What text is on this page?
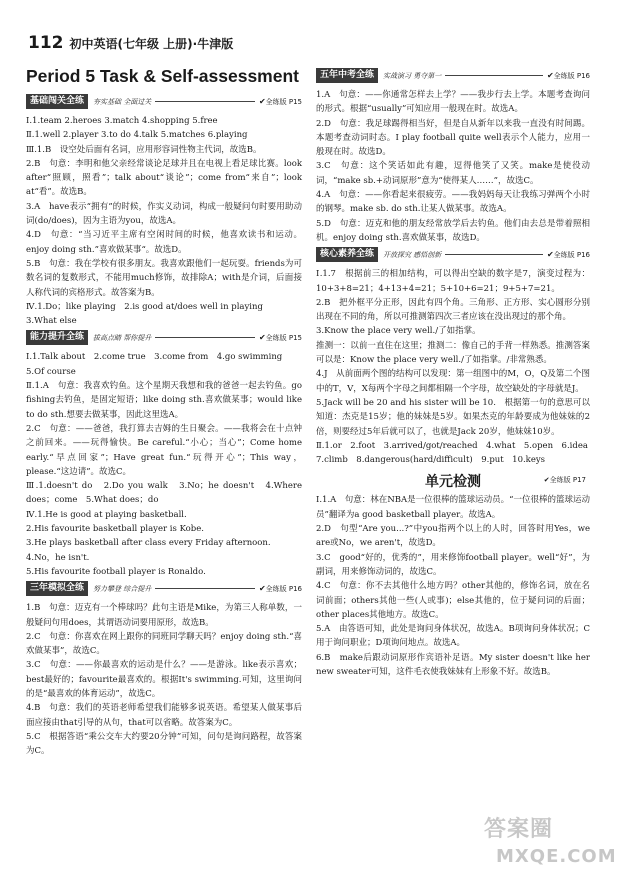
112 初中英语(七年级 上册)·牛津版
Period 5 Task & Self-assessment
基础闯关全练	夯实基础 全面过关	✔全练版 P15

Ⅰ.1.team 2.heroes 3.match 4.shopping 5.free

Ⅱ.1.well 2.player 3.to do 4.talk 5.matches 6.playing

Ⅲ.1.B　设空处后面有名词，应用形容词性物主代词，故选B。

2.B　句意：李明和他父亲经常谈论足球并且在电视上看足球比赛。look after“照顾，照看”；talk about“谈论”；come from“来自”；look at“看”。故选B。

3.A　have表示“拥有”的时候，作实义动词，构成一般疑问句时要用助动词(do/does)，因为主语为you，故选A。

4.D　句意：“当习近平主席有空闲时间的时候，他喜欢读书和运动。enjoy doing sth.”喜欢做某事“。故选D。

5.B　句意：我在学校有很多朋友。我喜欢跟他们一起玩耍。friends为可数名词的复数形式，不能用much修饰，故排除A；with是介词，后面接人称代词的宾格形式。故答案为B。

Ⅳ.1.Do；like playing　2.is good at/does well in playing

3.What else

能力提升全练	拔高点睛 帮你提升	✔全练版 P15

Ⅰ.1.Talk about　2.come true　3.come from　4.go swimming

5.Of course

Ⅱ.1.A　句意：我喜欢钓鱼。这个星期天我想和我的爸爸一起去钓鱼。go fishing去钓鱼，是固定短语；like doing sth.喜欢做某事；would like to do sth.想要去做某事，因此这里选A。

2.C　句意：——爸爸，我打算去吉姆的生日聚会。——我将会在十点钟之前回来。——玩得愉快。Be careful.“小心；当心”；Come home early.“早点回家”；Have great fun.“玩得开心”；This way，please.“这边请”。故选C。

Ⅲ.1.doesn't do　2.Do you walk　3.No；he doesn't　4.Where does；come　5.What does；do

Ⅳ.1.He is good at playing basketball.

2.His favourite basketball player is Kobe.

3.He plays basketball after class every Friday afternoon.

4.No，he isn't.

5.His favourite football player is Ronaldo.

三年模拟全练	努力攀登 综合提升	✔全练版 P16

1.B　句意：迈克有一个棒球吗？此句主语是Mike，为第三人称单数，一般疑问句用does，其谓语动词要用原形，故选B。

2.C　句意：你喜欢在网上跟你的同班同学聊天吗？enjoy doing sth.“喜欢做某事”，故选C。

3.C　句意：——你最喜欢的运动是什么？——是游泳。like表示喜欢；best最好的；favourite最喜欢的。根据It's swimming.可知，这里询问的是“最喜欢的体育运动”，故选C。

4.B　句意：我们的英语老师希望我们能够多说英语。希望某人做某事后面应接由that引导的从句，that可以省略。故答案为C。

5.C　根据答语“乘公交车大约要20分钟”可知，问句是询问路程，故答案为C。

五年中考全练	实战演习 勇夺第一	✔全练版 P16

1.A　句意：——你通常怎样去上学？——我步行去上学。本题考查询问的形式。根据“usually”可知应用一般现在时。故选A。

2.D　句意：我足球踢得相当好，但是自从新年以来我一直没有时间踢。本题考查动词时态。I play football quite well表示个人能力，应用一般现在时。故选D。

3.C　句意：这个笑话如此有趣，逗得他笑了又笑。make是使役动词，“make sb.+动词原形”意为“使得某人……”，故选C。

4.A　句意：——你看起来很疲劳。——我妈妈每天让我练习弹两个小时的钢琴。make sb. do sth.让某人做某事。故选A。

5.D　句意：迈克和他的朋友经常放学后去钓鱼。他们由去总是带着照相机。enjoy doing sth.喜欢做某事，故选D。

核心素养全练	开放探究 感悟创新	✔全练版 P16

Ⅰ.1.7　根据前三的相加结构，可以得出空缺的数字是7，演变过程为：10+3+8=21；4+13+4=21；5+10+6=21；9+5+7=21。

2.B　把外框平分正形，因此有四个角。三角形、正方形、实心圆形分别出现在不同的角，所以可推测第四次三者应该在没出现过的那个角。

3.Know the place very well./了如指掌。

推测一：以前一直住在这里；推测二：像自己的手背一样熟悉。推测答案可以是：Know the place very well./了如指掌。/非常熟悉。

4.J　从前面两个图的结构可以发现：第一组图中的M，O，Q及第二个图中的T，V，X每两个字母之间都相隔一个字母，故空缺处的字母就是J。

5.Jack will be 20 and his sister will be 10.　根据第一句的意思可以知道：杰克是15岁；他的妹妹是5岁。如果杰克的年龄要成为他妹妹的2倍，则要经过5年后就可以了，也就是Jack 20岁，他妹妹10岁。

Ⅱ.1.or　2.foot　3.arrived/got/reached　4.what　5.open　6.idea

7.climb　8.dangerous(hard/difficult)　9.put　10.keys

单元检测	✔全练版 P17

Ⅰ.1.A　句意：林在NBA是一位很棒的篮球运动员。“一位很棒的篮球运动员”翻译为a good basketball player。故选A。

2.D　句型“Are you...?”中you指两个以上的人时，回答时用Yes，we are或No，we aren't，故选D。

3.C　good“好的，优秀的”，用来修饰football player。well“好”，为副词，用来修饰动词的，故选C。

4.C　句意：你不去其他什么地方吗？other其他的，修饰名词，放在名词前面；others其他一些(人或事)；else其他的，位于疑问词的后面；other places其他地方。故选C。

5.A　由答语可知，此处是询问身体状况，故选A。B项询问身体状况；C用于询问职业；D项询问地点。故选A。

6.B　make后跟动词原形作宾语补足语。My sister doesn't like her new sweater可知，这件毛衣使我妹妹有上形象不好。故选B。

答案圈
MXQE.COM
